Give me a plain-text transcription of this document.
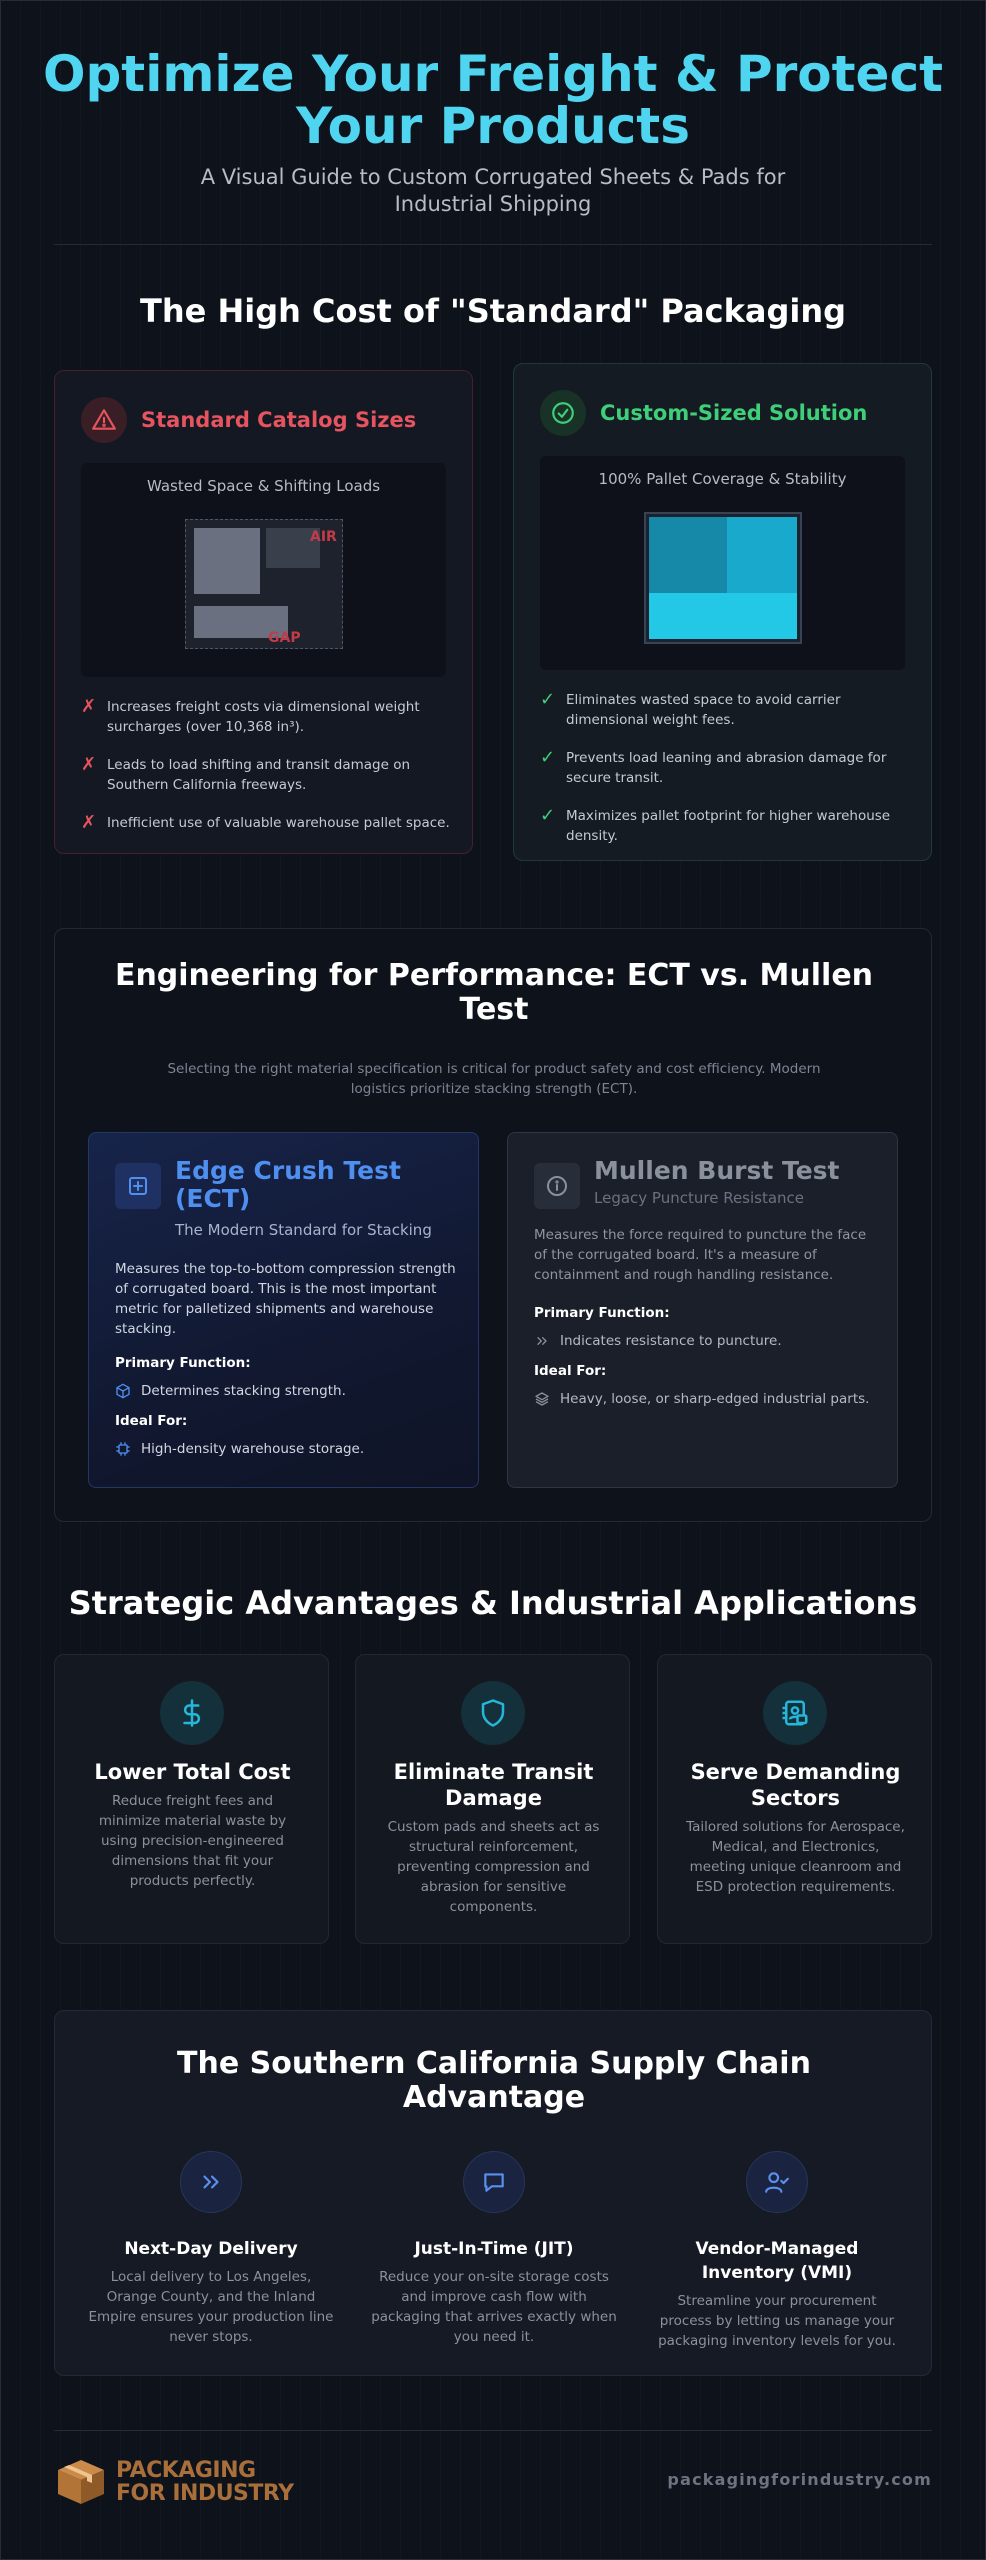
Optimize Your Freight & Protect Your Products

A Visual Guide to Custom Corrugated Sheets & Pads for Industrial Shipping

The High Cost of "Standard" Packaging
Standard Catalog Sizes
Wasted Space & Shifting Loads
AIR
GAP
✗ Increases freight costs via dimensional weight surcharges (over 10,368 in³).
✗ Leads to load shifting and transit damage on Southern California freeways.
✗ Inefficient use of valuable warehouse pallet space.
Custom-Sized Solution
100% Pallet Coverage & Stability
✓ Eliminates wasted space to avoid carrier dimensional weight fees.
✓ Prevents load leaning and abrasion damage for secure transit.
✓ Maximizes pallet footprint for higher warehouse density.
Engineering for Performance: ECT vs. Mullen Test

Selecting the right material specification is critical for product safety and cost efficiency. Modern logistics prioritize stacking strength (ECT).

Edge Crush Test (ECT)
The Modern Standard for Stacking
Measures the top-to-bottom compression strength of corrugated board. This is the most important metric for palletized shipments and warehouse stacking.
Primary Function:
Determines stacking strength.
Ideal For:
High-density warehouse storage.
Mullen Burst Test
Legacy Puncture Resistance
Measures the force required to puncture the face of the corrugated board. It's a measure of containment and rough handling resistance.
Primary Function:
Indicates resistance to puncture.
Ideal For:
Heavy, loose, or sharp-edged industrial parts.
Strategic Advantages & Industrial Applications
Lower Total Cost
Reduce freight fees and minimize material waste by using precision-engineered dimensions that fit your products perfectly.
Eliminate Transit Damage
Custom pads and sheets act as structural reinforcement, preventing compression and abrasion for sensitive components.
Serve Demanding Sectors
Tailored solutions for Aerospace, Medical, and Electronics, meeting unique cleanroom and ESD protection requirements.
The Southern California Supply Chain Advantage
Next-Day Delivery
Local delivery to Los Angeles, Orange County, and the Inland Empire ensures your production line never stops.
Just-In-Time (JIT)
Reduce your on-site storage costs and improve cash flow with packaging that arrives exactly when you need it.
Vendor-Managed Inventory (VMI)
Streamline your procurement process by letting us manage your packaging inventory levels for you.
PACKAGING
FOR INDUSTRY
packagingforindustry.com
